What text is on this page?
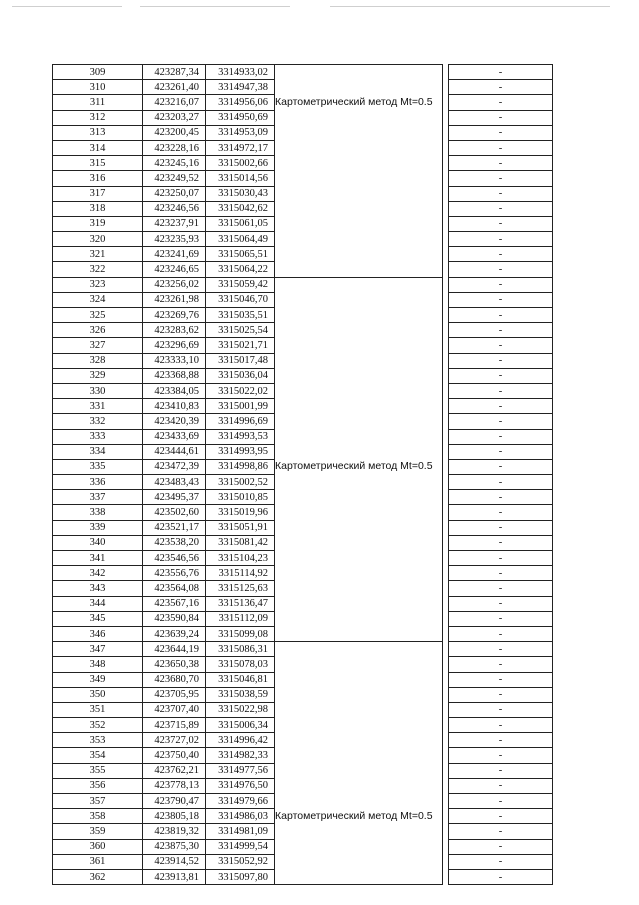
309	423287,34	3314933,02			-
310	423261,40	3314947,38			-
311	423216,07	3314956,06	Картометрический метод Mt=0.5		-
312	423203,27	3314950,69			-
313	423200,45	3314953,09			-
314	423228,16	3314972,17			-
315	423245,16	3315002,66			-
316	423249,52	3315014,56			-
317	423250,07	3315030,43			-
318	423246,56	3315042,62			-
319	423237,91	3315061,05			-
320	423235,93	3315064,49			-
321	423241,69	3315065,51			-
322	423246,65	3315064,22			-
323	423256,02	3315059,42			-
324	423261,98	3315046,70			-
325	423269,76	3315035,51			-
326	423283,62	3315025,54			-
327	423296,69	3315021,71			-
328	423333,10	3315017,48			-
329	423368,88	3315036,04			-
330	423384,05	3315022,02			-
331	423410,83	3315001,99			-
332	423420,39	3314996,69			-
333	423433,69	3314993,53			-
334	423444,61	3314993,95			-
335	423472,39	3314998,86	Картометрический метод Mt=0.5		-
336	423483,43	3315002,52			-
337	423495,37	3315010,85			-
338	423502,60	3315019,96			-
339	423521,17	3315051,91			-
340	423538,20	3315081,42			-
341	423546,56	3315104,23			-
342	423556,76	3315114,92			-
343	423564,08	3315125,63			-
344	423567,16	3315136,47			-
345	423590,84	3315112,09			-
346	423639,24	3315099,08			-
347	423644,19	3315086,31			-
348	423650,38	3315078,03			-
349	423680,70	3315046,81			-
350	423705,95	3315038,59			-
351	423707,40	3315022,98			-
352	423715,89	3315006,34			-
353	423727,02	3314996,42			-
354	423750,40	3314982,33			-
355	423762,21	3314977,56			-
356	423778,13	3314976,50			-
357	423790,47	3314979,66			-
358	423805,18	3314986,03	Картометрический метод Mt=0.5		-
359	423819,32	3314981,09			-
360	423875,30	3314999,54			-
361	423914,52	3315052,92			-
362	423913,81	3315097,80			-
